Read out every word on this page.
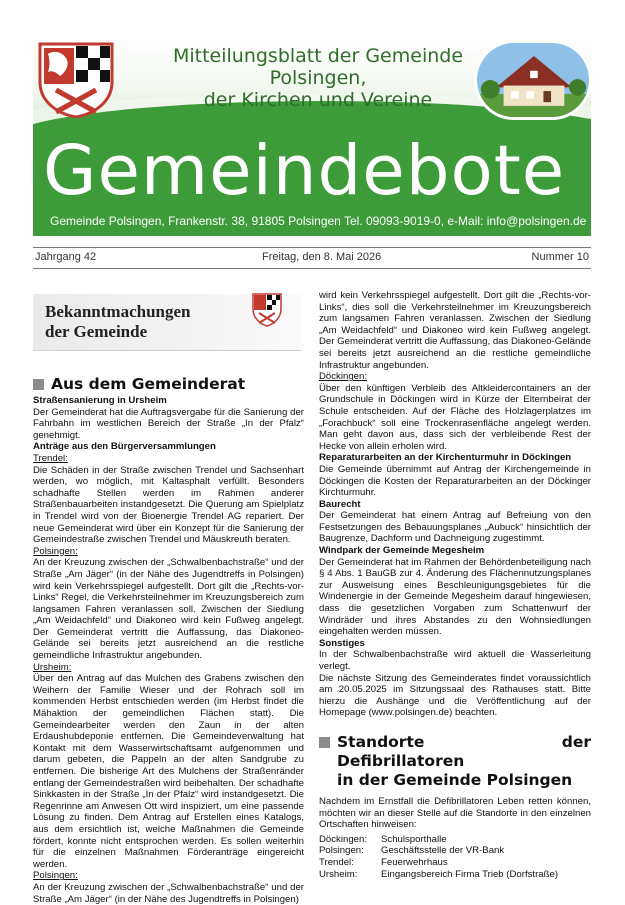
Mitteilungsblatt der Gemeinde Polsingen,
der Kirchen und Vereine
Gemeindebote
Gemeinde Polsingen, Frankenstr. 38, 91805 Polsingen Tel. 09093-9019-0, e-Mail: info@polsingen.de
Jahrgang 42	Freitag, den 8. Mai 2026	Nummer 10
Bekanntmachungen
der Gemeinde
Aus dem Gemeinderat

Straßensanierung in Ursheim

Der Gemeinderat hat die Auftragsvergabe für die Sanierung der Fahrbahn im westlichen Bereich der Straße „In der Pfalz“ genehmigt.

Anträge aus den Bürgerversammlungen

Trendel:

Die Schäden in der Straße zwischen Trendel und Sachsenhart werden, wo möglich, mit Kaltasphalt verfüllt. Besonders schadhafte Stellen werden im Rahmen anderer Straßenbauarbeiten instandgesetzt. Die Querung am Spielplatz in Trendel wird von der Bioenergie Trendel AG repariert. Der neue Gemeinderat wird über ein Konzept für die Sanierung der Gemeindestraße zwischen Trendel und Mäuskreuth beraten.

Polsingen:

An der Kreuzung zwischen der „Schwalbenbachstraße“ und der Straße „Am Jäger“ (in der Nähe des Jugendtreffs in Polsingen) wird kein Verkehrsspiegel aufgestellt. Dort gilt die „Rechts-vor-Links“ Regel, die Verkehrsteilnehmer im Kreuzungsbereich zum langsamen Fahren veranlassen soll. Zwischen der Siedlung „Am Weidachfeld“ und Diakoneo wird kein Fußweg angelegt. Der Gemeinderat vertritt die Auffassung, das Diakoneo-Gelände sei bereits jetzt ausreichend an die restliche gemeindliche Infrastruktur angebunden.

Ursheim:

Über den Antrag auf das Mulchen des Grabens zwischen den Weihern der Familie Wieser und der Rohrach soll im kommenden Herbst entschieden werden (im Herbst findet die Mähaktion der gemeindlichen Flächen statt). Die Gemeindearbeiter werden den Zaun in der alten Erdaushubdeponie entfernen. Die Gemeindeverwaltung hat Kontakt mit dem Wasserwirtschaftsamt aufgenommen und darum gebeten, die Pappeln an der alten Sandgrube zu entfernen. Die bisherige Art des Mulchens der Straßenränder entlang der Gemeindestraßen wird beibehalten. Der schadhafte Sinkkasten in der Straße „In der Pfalz“ wird instandgesetzt. Die Regenrinne am Anwesen Ott wird inspiziert, um eine passende Lösung zu finden. Dem Antrag auf Erstellen eines Katalogs, aus dem ersichtlich ist, welche Maßnahmen die Gemeinde fördert, konnte nicht entsprochen werden. Es sollen weiterhin für die einzelnen Maßnahmen Förderanträge eingereicht werden.

Polsingen:

An der Kreuzung zwischen der „Schwalbenbachstraße“ und der Straße „Am Jäger“ (in der Nähe des Jugendtreffs in Polsingen)

wird kein Verkehrsspiegel aufgestellt. Dort gilt die „Rechts-vor-Links“, dies soll die Verkehrsteilnehmer im Kreuzungsbereich zum langsamen Fahren veranlassen. Zwischen der Siedlung „Am Weidachfeld“ und Diakoneo wird kein Fußweg angelegt. Der Gemeinderat vertritt die Auffassung, das Diakoneo-Gelände sei bereits jetzt ausreichend an die restliche gemeindliche Infrastruktur angebunden.

Döckingen:

Über den künftigen Verbleib des Altkleidercontainers an der Grundschule in Döckingen wird in Kürze der Elternbeirat der Schule entscheiden. Auf der Fläche des Holzlagerplatzes im „Forachbuck“ soll eine Trockenrasenfläche angelegt werden. Man geht davon aus, dass sich der verbleibende Rest der Hecke von allein erholen wird.

Reparaturarbeiten an der Kirchenturmuhr in Döckingen

Die Gemeinde übernimmt auf Antrag der Kirchengemeinde in Döckingen die Kosten der Reparaturarbeiten an der Döckinger Kirchturmuhr.

Baurecht

Der Gemeinderat hat einem Antrag auf Befreiung von den Festsetzungen des Bebauungsplanes „Aubuck“ hinsichtlich der Baugrenze, Dachform und Dachneigung zugestimmt.

Windpark der Gemeinde Megesheim

Der Gemeinderat hat im Rahmen der Behördenbeteiligung nach § 4 Abs. 1 BauGB zur 4. Änderung des Flächennutzungsplanes zur Ausweisung eines Beschleunigungsgebietes für die Windenergie in der Gemeinde Megesheim darauf hingewiesen, dass die gesetzlichen Vorgaben zum Schattenwurf der Windräder und ihres Abstandes zu den Wohnsiedlungen eingehalten werden müssen.

Sonstiges

In der Schwalbenbachstraße wird aktuell die Wasserleitung verlegt.

Die nächste Sitzung des Gemeinderates findet voraussichtlich am 20.05.2025 im Sitzungssaal des Rathauses statt. Bitte hierzu die Aushänge und die Veröffentlichung auf der Homepage (www.polsingen.de) beachten.

Standorte der Defibrillatoren
in der Gemeinde Polsingen

Nachdem im Ernstfall die Defibrillatoren Leben retten können, möchten wir an dieser Stelle auf die Standorte in den einzelnen Ortschaften hinweisen:

Döckingen:	Schulsporthalle
Polsingen:	Geschäftsstelle der VR-Bank
Trendel:	Feuerwehrhaus
Ursheim:	Eingangsbereich Firma Trieb (Dorfstraße)
